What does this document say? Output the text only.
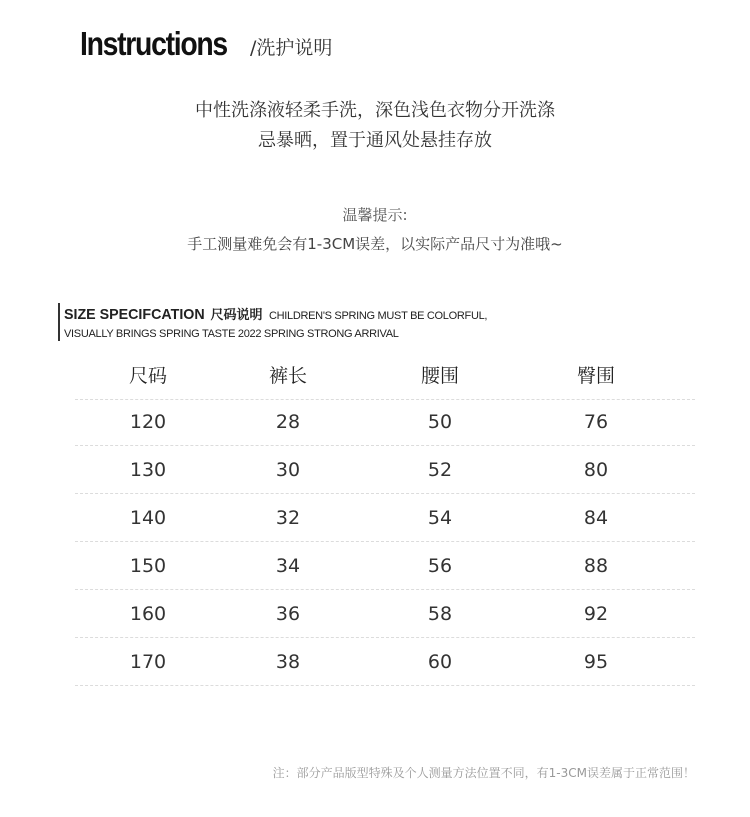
Instructions /洗护说明
中性洗涤液轻柔手洗，深色浅色衣物分开洗涤
忌暴晒，置于通风处悬挂存放
温馨提示:
手工测量难免会有1-3CM误差，以实际产品尺寸为准哦~
SIZE SPECIFCATION 尺码说明 CHILDREN'S SPRING MUST BE COLORFUL,
VISUALLY BRINGS SPRING TASTE 2022 SPRING STRONG ARRIVAL
尺码	裤长	腰围	臀围
120	28	50	76
130	30	52	80
140	32	54	84
150	34	56	88
160	36	58	92
170	38	60	95
注：部分产品版型特殊及个人测量方法位置不同，有1-3CM误差属于正常范围！
